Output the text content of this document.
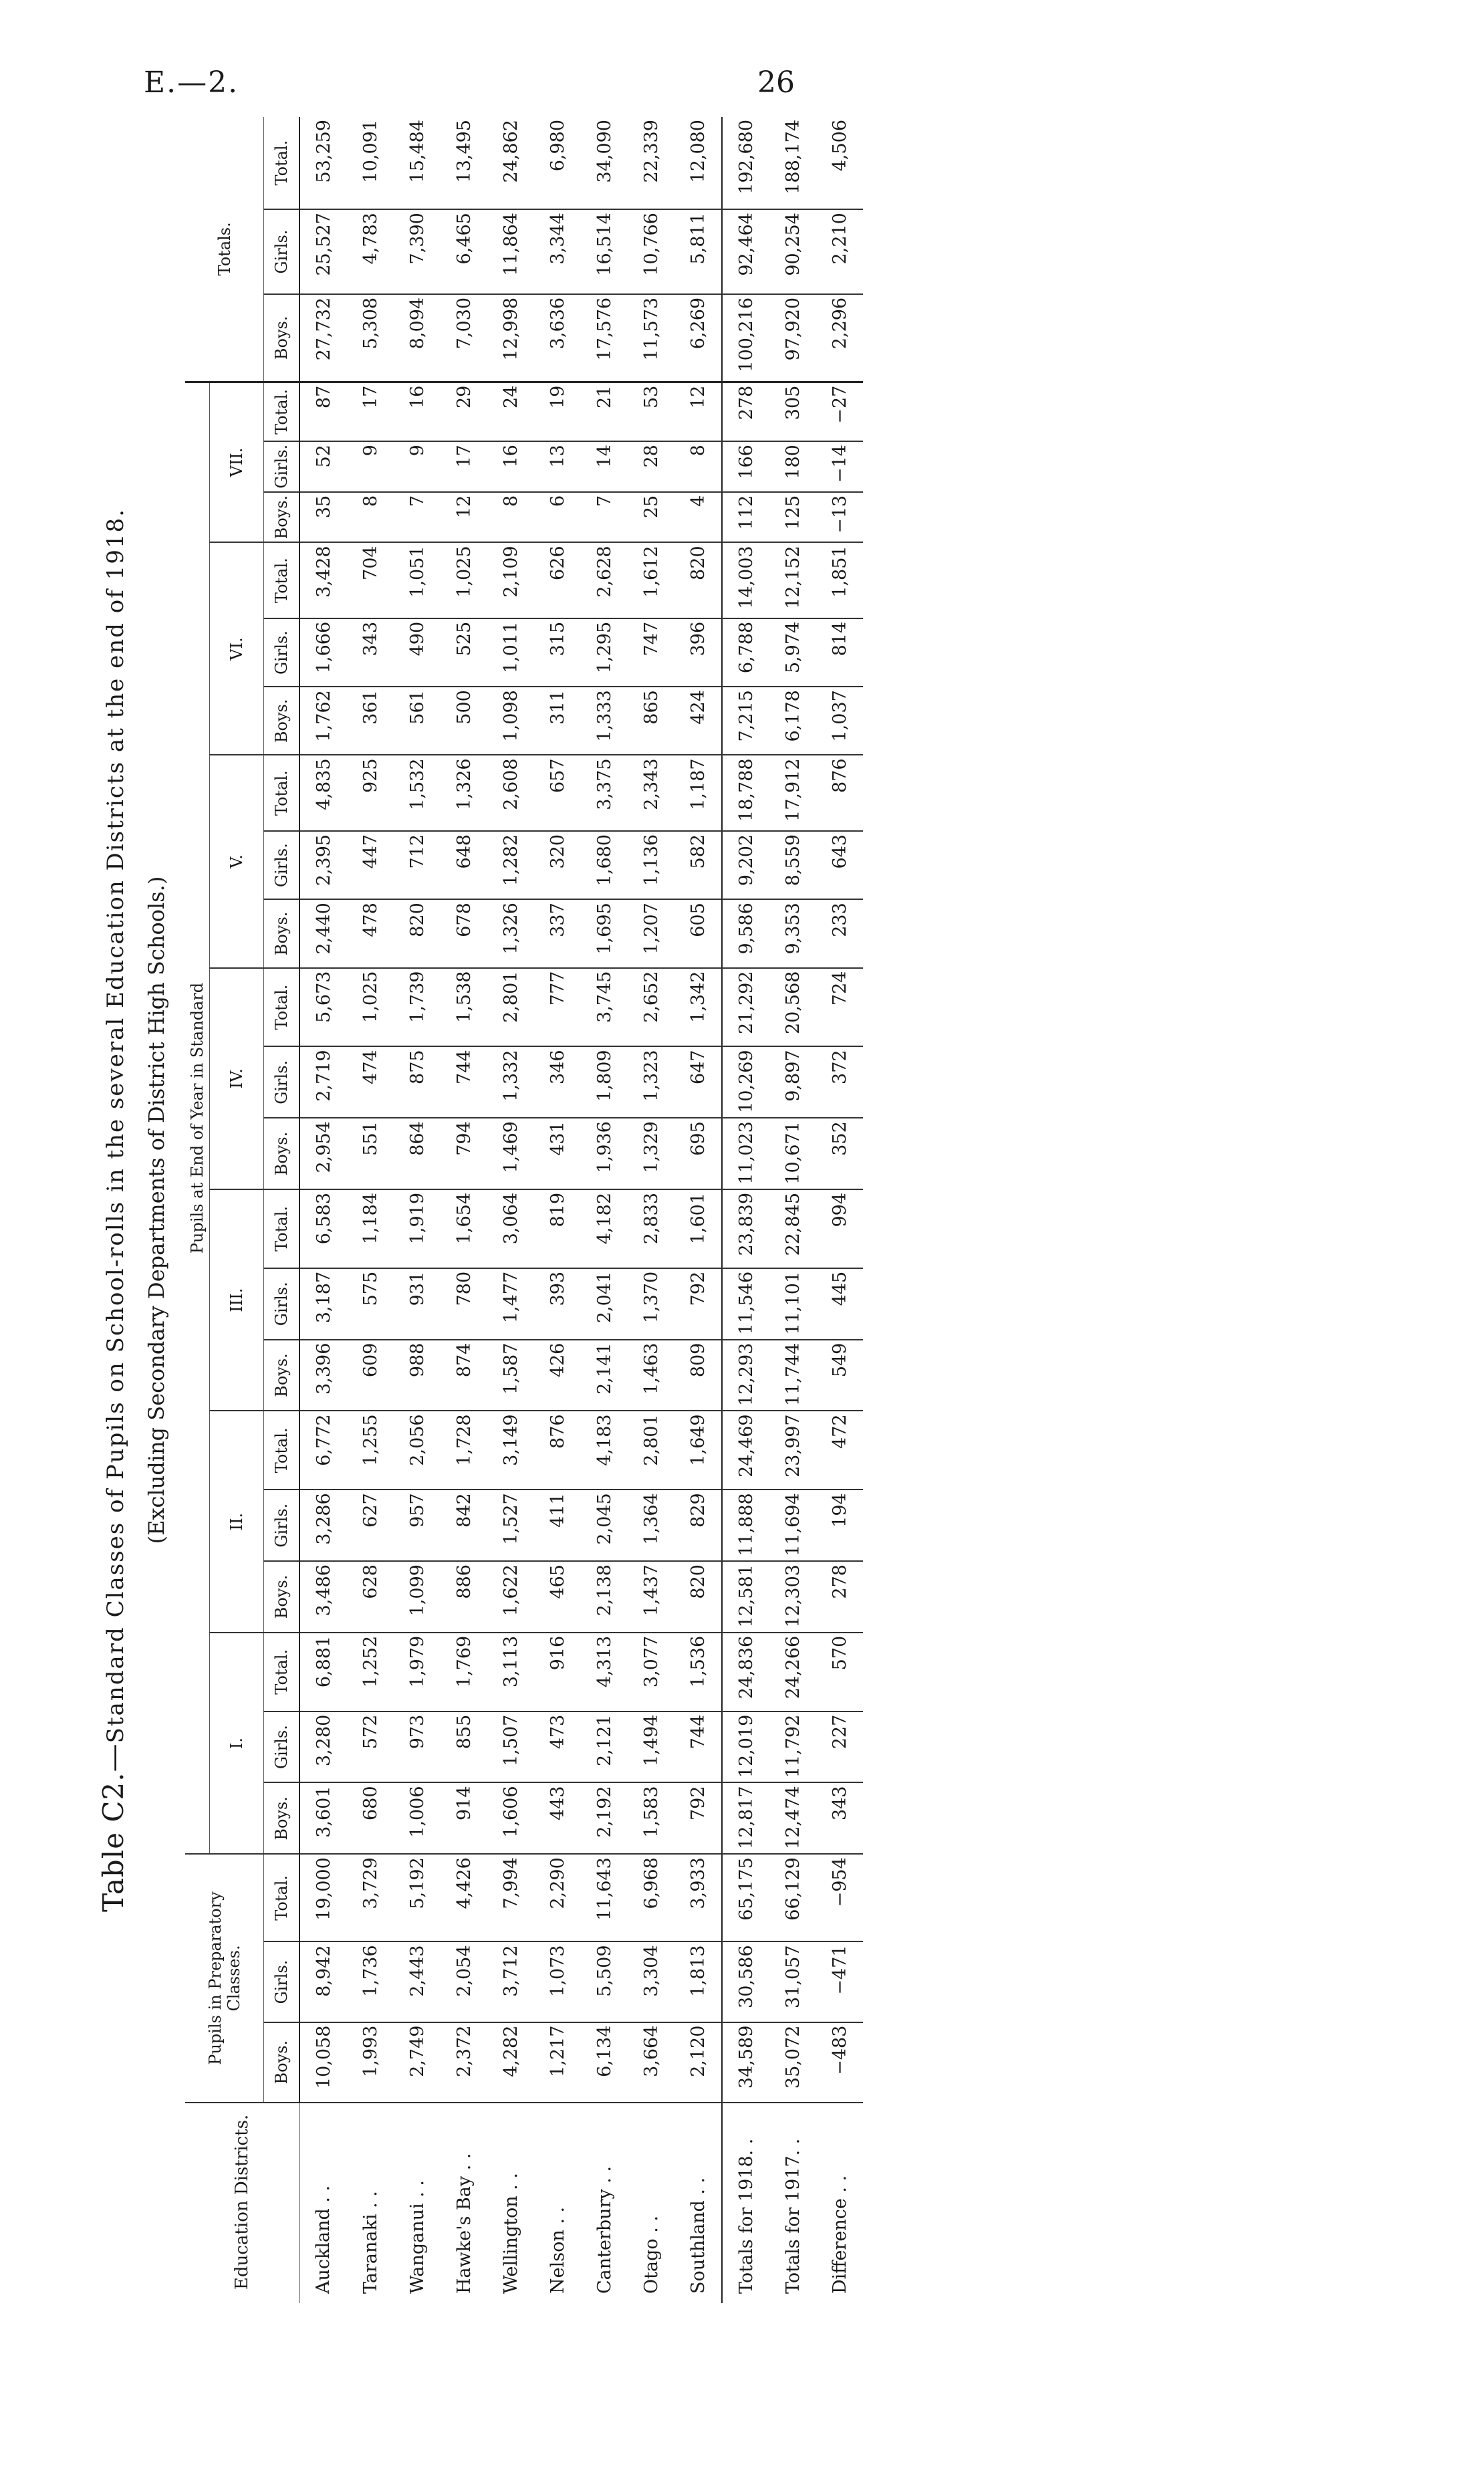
E.—2.	26
Table C2.—Standard Classes of Pupils on School-rolls in the several Education Districts at the end of 1918. (Excluding Secondary Departments of District High Schools.)
Education Districts.	Pupils in Preparatory Classes.			Pupils at End of Year in Standard																					Totals.		
				I.			II.			III.			IV.			V.			VI.			VII.					
	Boys.	Girls.	Total.	Boys.	Girls.	Total.	Boys.	Girls.	Total.	Boys.	Girls.	Total.	Boys.	Girls.	Total.	Boys.	Girls.	Total.	Boys.	Girls.	Total.	Boys.	Girls.	Total.	Boys.	Girls.	Total.
Auckland . .	10,058	8,942	19,000	3,601	3,280	6,881	3,486	3,286	6,772	3,396	3,187	6,583	2,954	2,719	5,673	2,440	2,395	4,835	1,762	1,666	3,428	35	52	87	27,732	25,527	53,259
Taranaki . .	1,993	1,736	3,729	680	572	1,252	628	627	1,255	609	575	1,184	551	474	1,025	478	447	925	361	343	704	8	9	17	5,308	4,783	10,091
Wanganui . .	2,749	2,443	5,192	1,006	973	1,979	1,099	957	2,056	988	931	1,919	864	875	1,739	820	712	1,532	561	490	1,051	7	9	16	8,094	7,390	15,484
Hawke's Bay . .	2,372	2,054	4,426	914	855	1,769	886	842	1,728	874	780	1,654	794	744	1,538	678	648	1,326	500	525	1,025	12	17	29	7,030	6,465	13,495
Wellington . .	4,282	3,712	7,994	1,606	1,507	3,113	1,622	1,527	3,149	1,587	1,477	3,064	1,469	1,332	2,801	1,326	1,282	2,608	1,098	1,011	2,109	8	16	24	12,998	11,864	24,862
Nelson . .	1,217	1,073	2,290	443	473	916	465	411	876	426	393	819	431	346	777	337	320	657	311	315	626	6	13	19	3,636	3,344	6,980
Canterbury . .	6,134	5,509	11,643	2,192	2,121	4,313	2,138	2,045	4,183	2,141	2,041	4,182	1,936	1,809	3,745	1,695	1,680	3,375	1,333	1,295	2,628	7	14	21	17,576	16,514	34,090
Otago . .	3,664	3,304	6,968	1,583	1,494	3,077	1,437	1,364	2,801	1,463	1,370	2,833	1,329	1,323	2,652	1,207	1,136	2,343	865	747	1,612	25	28	53	11,573	10,766	22,339
Southland . .	2,120	1,813	3,933	792	744	1,536	820	829	1,649	809	792	1,601	695	647	1,342	605	582	1,187	424	396	820	4	8	12	6,269	5,811	12,080
Totals for 1918. .	34,589	30,586	65,175	12,817	12,019	24,836	12,581	11,888	24,469	12,293	11,546	23,839	11,023	10,269	21,292	9,586	9,202	18,788	7,215	6,788	14,003	112	166	278	100,216	92,464	192,680
Totals for 1917. .	35,072	31,057	66,129	12,474	11,792	24,266	12,303	11,694	23,997	11,744	11,101	22,845	10,671	9,897	20,568	9,353	8,559	17,912	6,178	5,974	12,152	125	180	305	97,920	90,254	188,174
Difference . .	−483	−471	−954	343	227	570	278	194	472	549	445	994	352	372	724	233	643	876	1,037	814	1,851	−13	−14	−27	2,296	2,210	4,506
